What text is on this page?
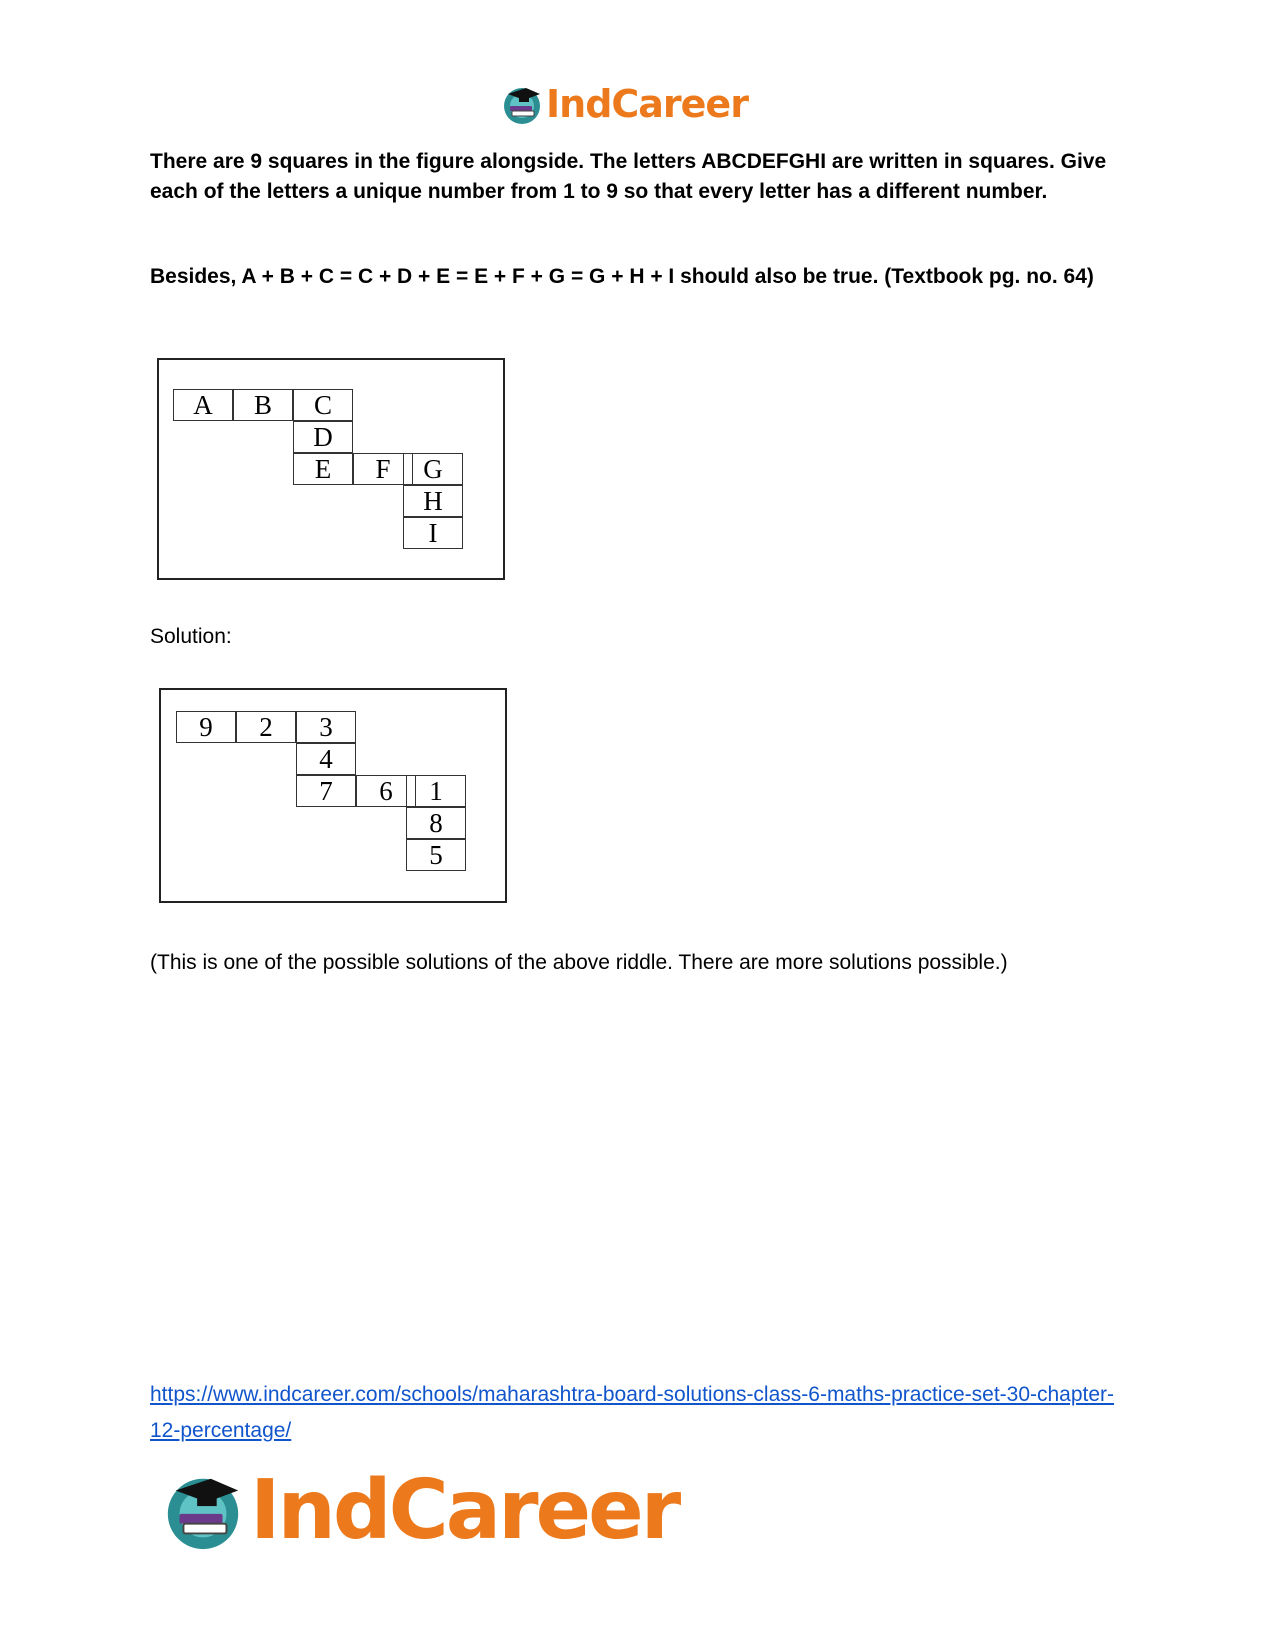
IndCareer

There are 9 squares in the figure alongside. The letters ABCDEFGHI are written in squares. Give each of the letters a unique number from 1 to 9 so that every letter has a different number.

Besides, A + B + C = C + D + E = E + F + G = G + H + I should also be true. (Textbook pg. no. 64)

A	B	C
D
E	F	G
H
I

Solution:

9	2	3
4
7	6	1
8
5

(This is one of the possible solutions of the above riddle. There are more solutions possible.)

https://www.indcareer.com/schools/maharashtra-board-solutions-class-6-maths-practice-set-30-chapter-12-percentage/
IndCareer
